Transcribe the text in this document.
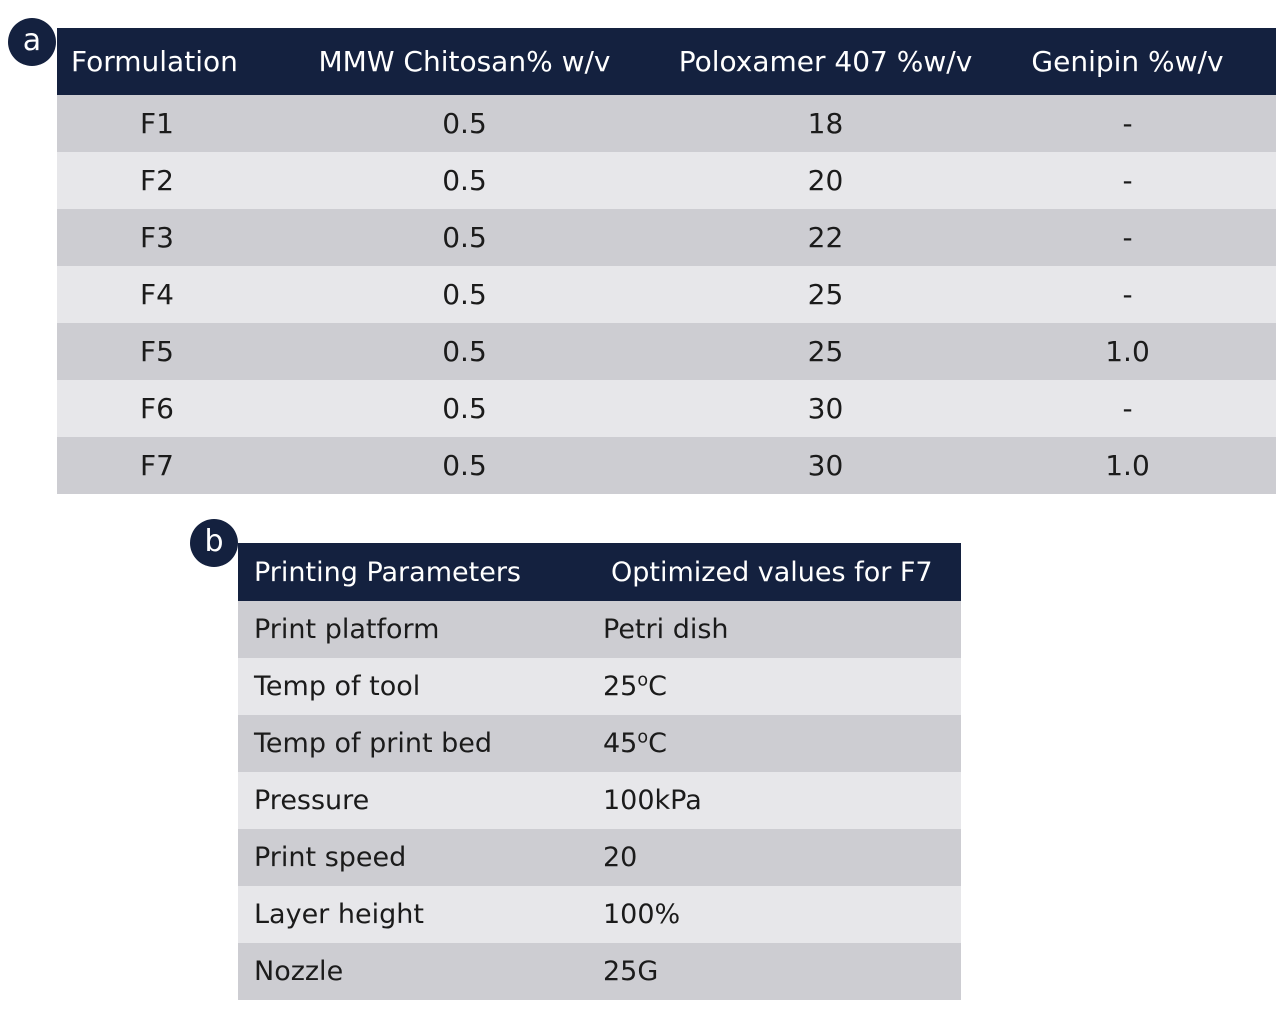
Formulation	MMW Chitosan% w/v	Poloxamer 407 %w/v	Genipin %w/v
F1	0.5	18	-
F2	0.5	20	-
F3	0.5	22	-
F4	0.5	25	-
F5	0.5	25	1.0
F6	0.5	30	-
F7	0.5	30	1.0
a
Printing Parameters	Optimized values for F7
Print platform	Petri dish
Temp of tool	25$^o$C
Temp of print bed	45$^o$C
Pressure	100kPa
Print speed	20
Layer height	100%
Nozzle	25G
b
